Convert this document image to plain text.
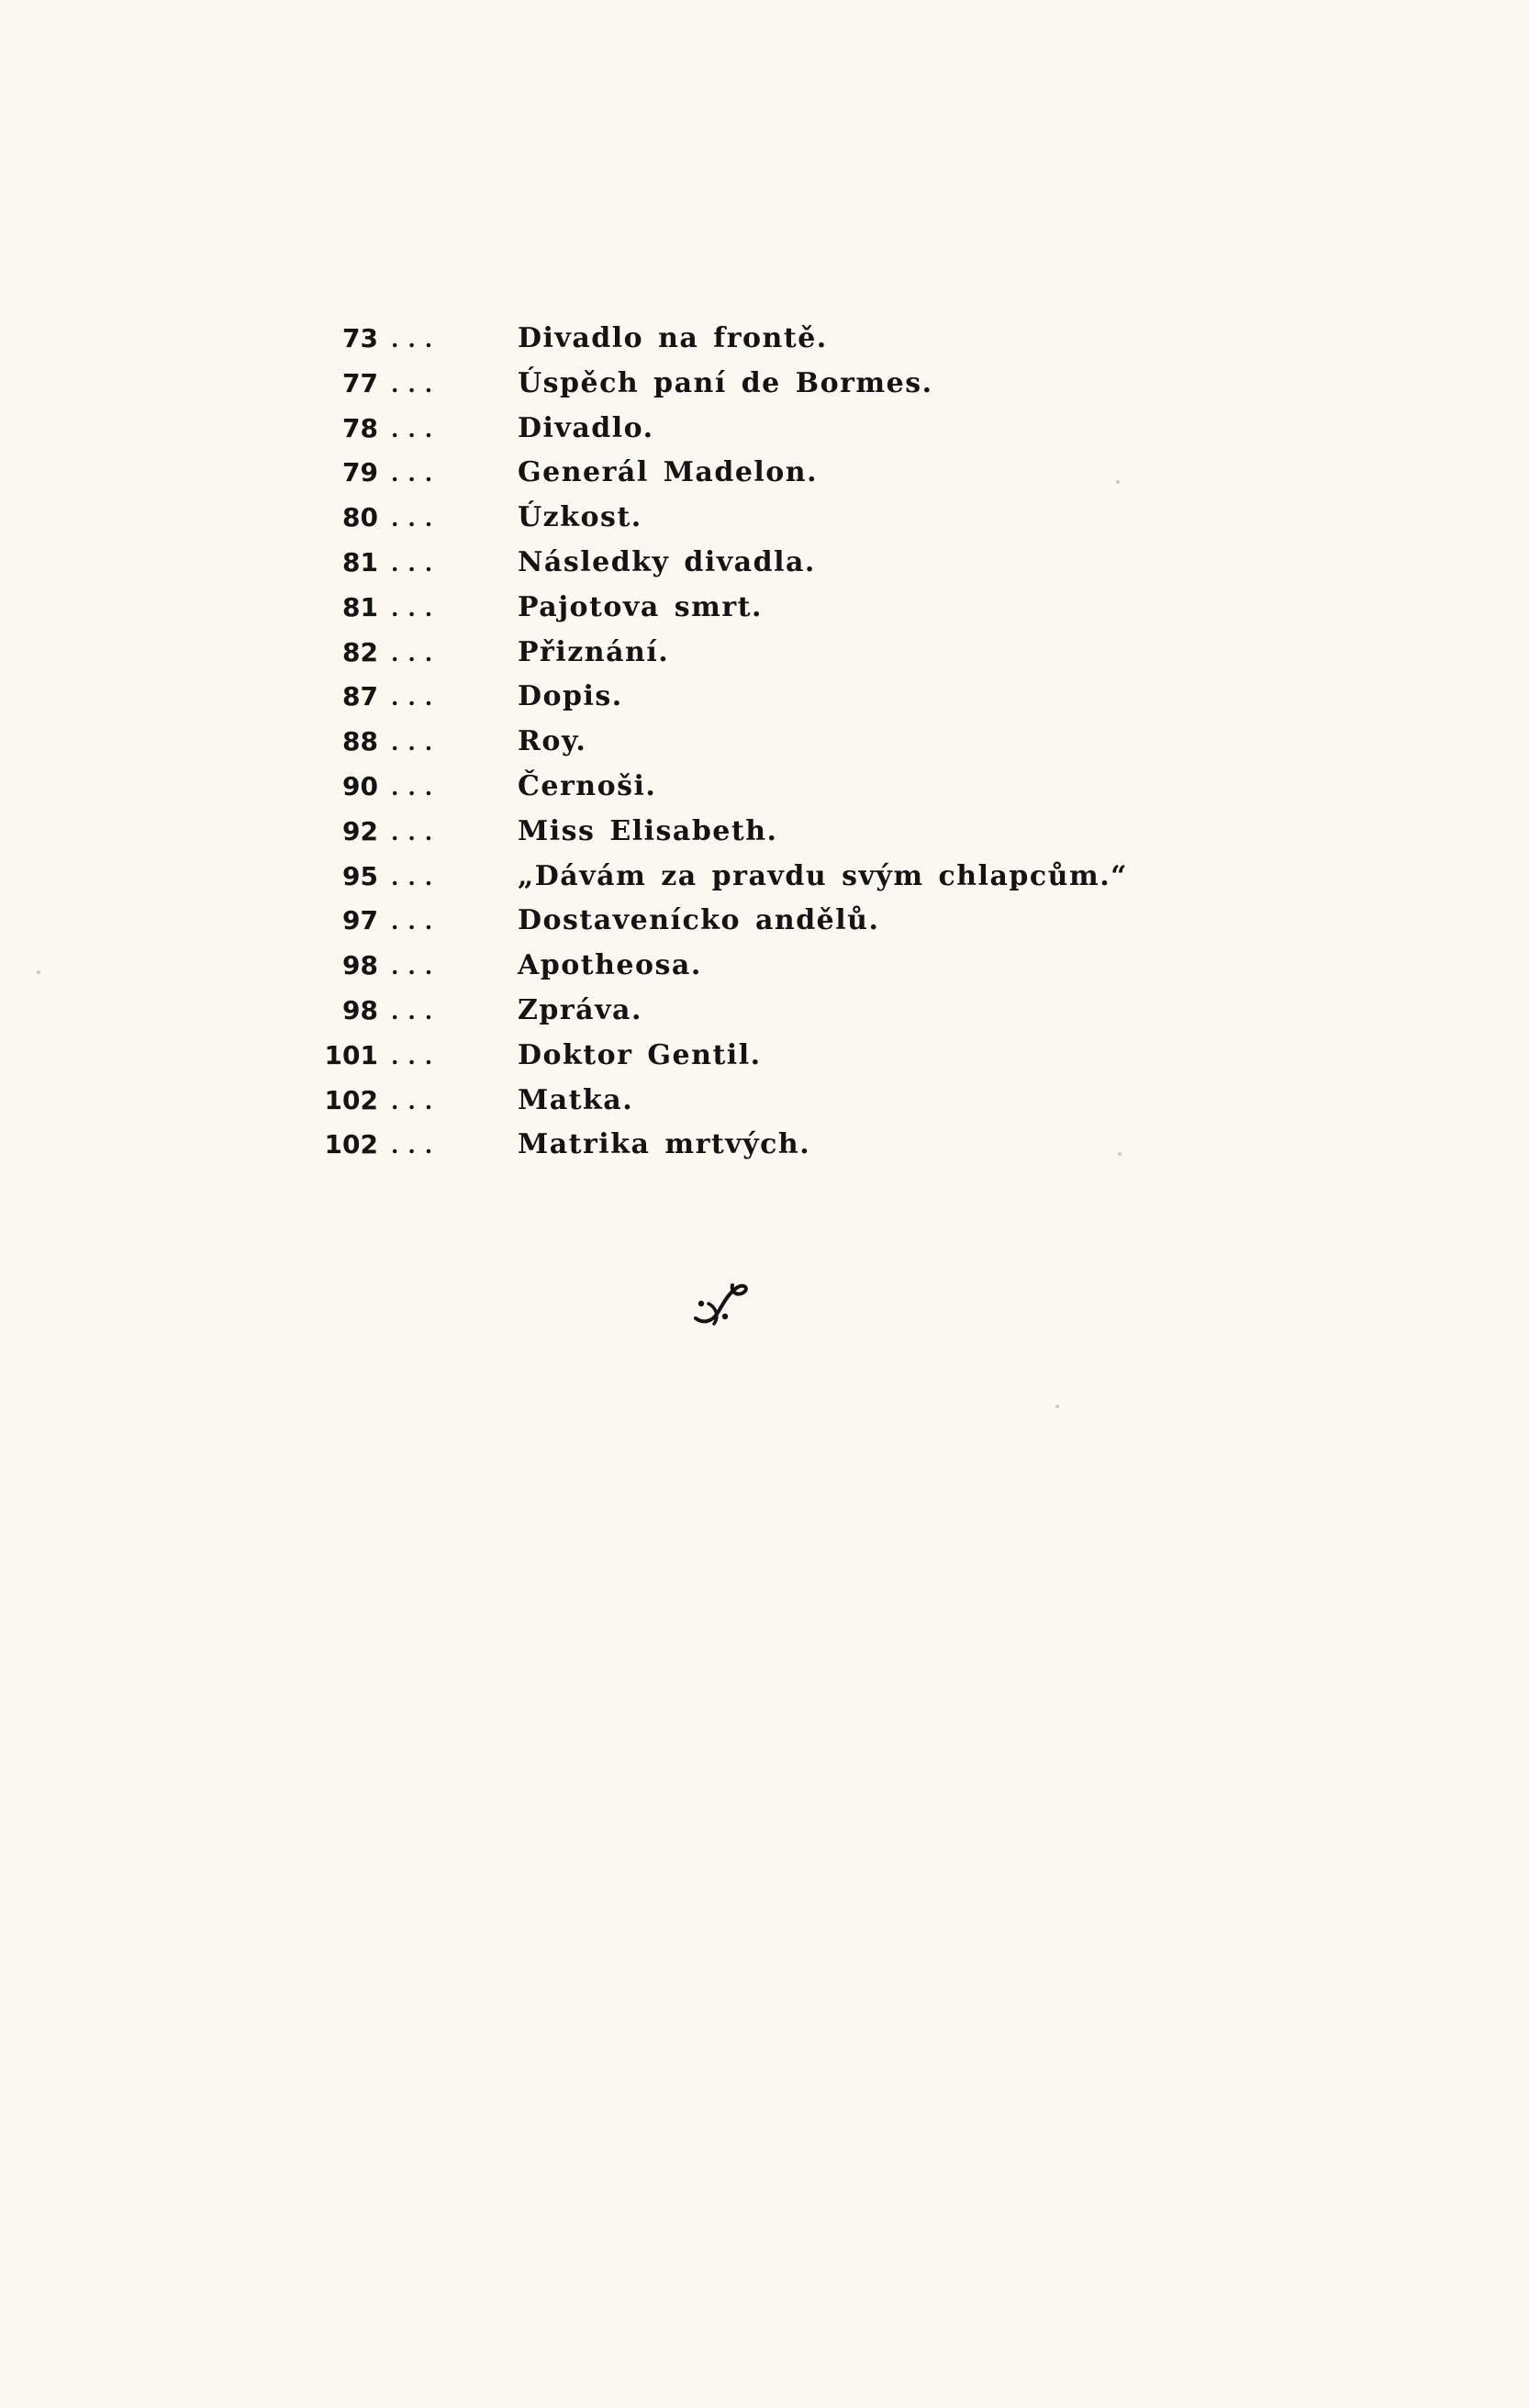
73 ...	Divadlo na frontě.
77 ...	Úspěch paní de Bormes.
78 ...	Divadlo.
79 ...	Generál Madelon.
80 ...	Úzkost.
81 ...	Následky divadla.
81 ...	Pajotova smrt.
82 ...	Přiznání.
87 ...	Dopis.
88 ...	Roy.
90 ...	Černoši.
92 ...	Miss Elisabeth.
95 ...	„Dávám za pravdu svým chlapcům.“
97 ...	Dostavenícko andělů.
98 ...	Apotheosa.
98 ...	Zpráva.
101 ...	Doktor Gentil.
102 ...	Matka.
102 ...	Matrika mrtvých.
